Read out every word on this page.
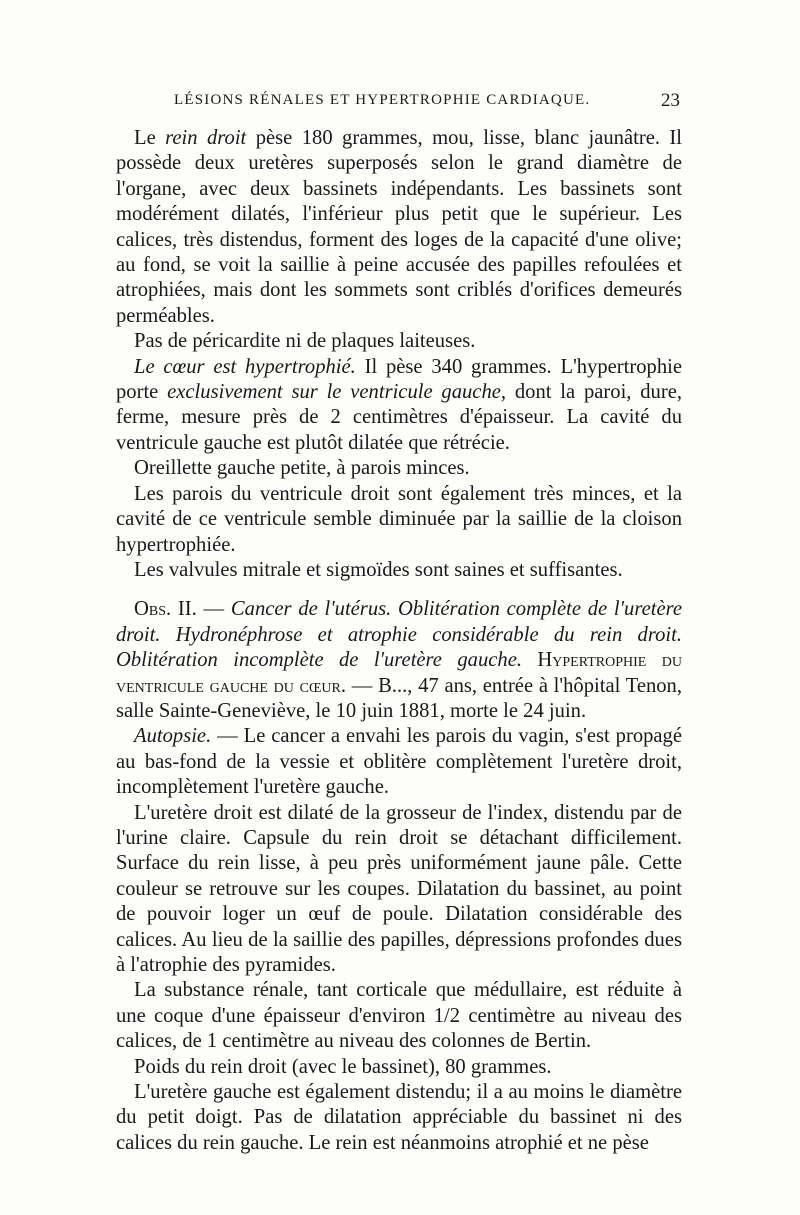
LÉSIONS RÉNALES ET HYPERTROPHIE CARDIAQUE.	23

Le rein droit pèse 180 grammes, mou, lisse, blanc jaunâtre. Il possède deux uretères superposés selon le grand diamètre de l'organe, avec deux bassinets indépendants. Les bassinets sont modérément dilatés, l'inférieur plus petit que le supérieur. Les calices, très distendus, forment des loges de la capacité d'une olive; au fond, se voit la saillie à peine accusée des papilles refoulées et atrophiées, mais dont les sommets sont criblés d'orifices demeurés perméables.

Pas de péricardite ni de plaques laiteuses.

Le cœur est hypertrophié. Il pèse 340 grammes. L'hypertrophie porte exclusivement sur le ventricule gauche, dont la paroi, dure, ferme, mesure près de 2 centimètres d'épaisseur. La cavité du ventricule gauche est plutôt dilatée que rétrécie.

Oreillette gauche petite, à parois minces.

Les parois du ventricule droit sont également très minces, et la cavité de ce ventricule semble diminuée par la saillie de la cloison hypertrophiée.

Les valvules mitrale et sigmoïdes sont saines et suffisantes.

Obs. II. — Cancer de l'utérus. Oblitération complète de l'uretère droit. Hydronéphrose et atrophie considérable du rein droit. Oblitération incomplète de l'uretère gauche. Hypertrophie du ventricule gauche du cœur. — B..., 47 ans, entrée à l'hôpital Tenon, salle Sainte-Geneviève, le 10 juin 1881, morte le 24 juin.

Autopsie. — Le cancer a envahi les parois du vagin, s'est propagé au bas-fond de la vessie et oblitère complètement l'uretère droit, incomplètement l'uretère gauche.

L'uretère droit est dilaté de la grosseur de l'index, distendu par de l'urine claire. Capsule du rein droit se détachant difficilement. Surface du rein lisse, à peu près uniformément jaune pâle. Cette couleur se retrouve sur les coupes. Dilatation du bassinet, au point de pouvoir loger un œuf de poule. Dilatation considérable des calices. Au lieu de la saillie des papilles, dépressions profondes dues à l'atrophie des pyramides.

La substance rénale, tant corticale que médullaire, est réduite à une coque d'une épaisseur d'environ 1/2 centimètre au niveau des calices, de 1 centimètre au niveau des colonnes de Bertin.

Poids du rein droit (avec le bassinet), 80 grammes.

L'uretère gauche est également distendu; il a au moins le diamètre du petit doigt. Pas de dilatation appréciable du bassinet ni des calices du rein gauche. Le rein est néanmoins atrophié et ne pèse
